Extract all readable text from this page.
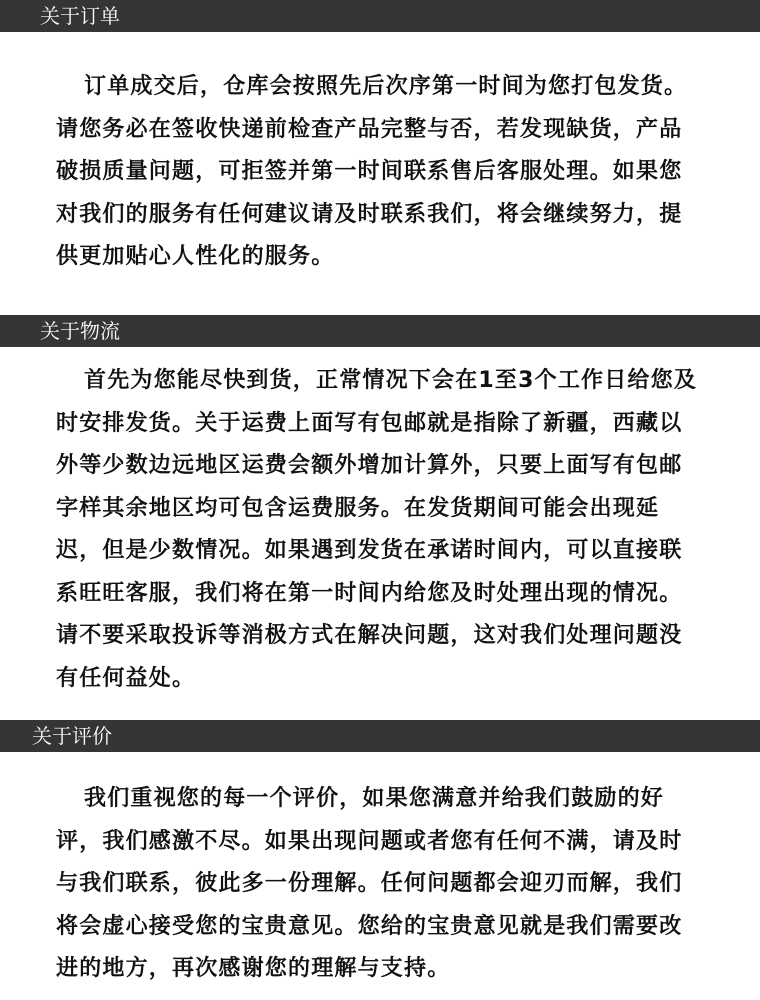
关于订单

订单成交后，仓库会按照先后次序第一时间为您打包发货。请您务必在签收快递前检查产品完整与否，若发现缺货，产品破损质量问题，可拒签并第一时间联系售后客服处理。如果您对我们的服务有任何建议请及时联系我们，将会继续努力，提供更加贴心人性化的服务。

关于物流

首先为您能尽快到货，正常情况下会在1至3个工作日给您及时安排发货。关于运费上面写有包邮就是指除了新疆，西藏以外等少数边远地区运费会额外增加计算外，只要上面写有包邮字样其余地区均可包含运费服务。在发货期间可能会出现延迟，但是少数情况。如果遇到发货在承诺时间内，可以直接联系旺旺客服，我们将在第一时间内给您及时处理出现的情况。请不要采取投诉等消极方式在解决问题，这对我们处理问题没有任何益处。

关于评价

我们重视您的每一个评价，如果您满意并给我们鼓励的好评，我们感激不尽。如果出现问题或者您有任何不满，请及时与我们联系，彼此多一份理解。任何问题都会迎刃而解，我们将会虚心接受您的宝贵意见。您给的宝贵意见就是我们需要改进的地方，再次感谢您的理解与支持。
